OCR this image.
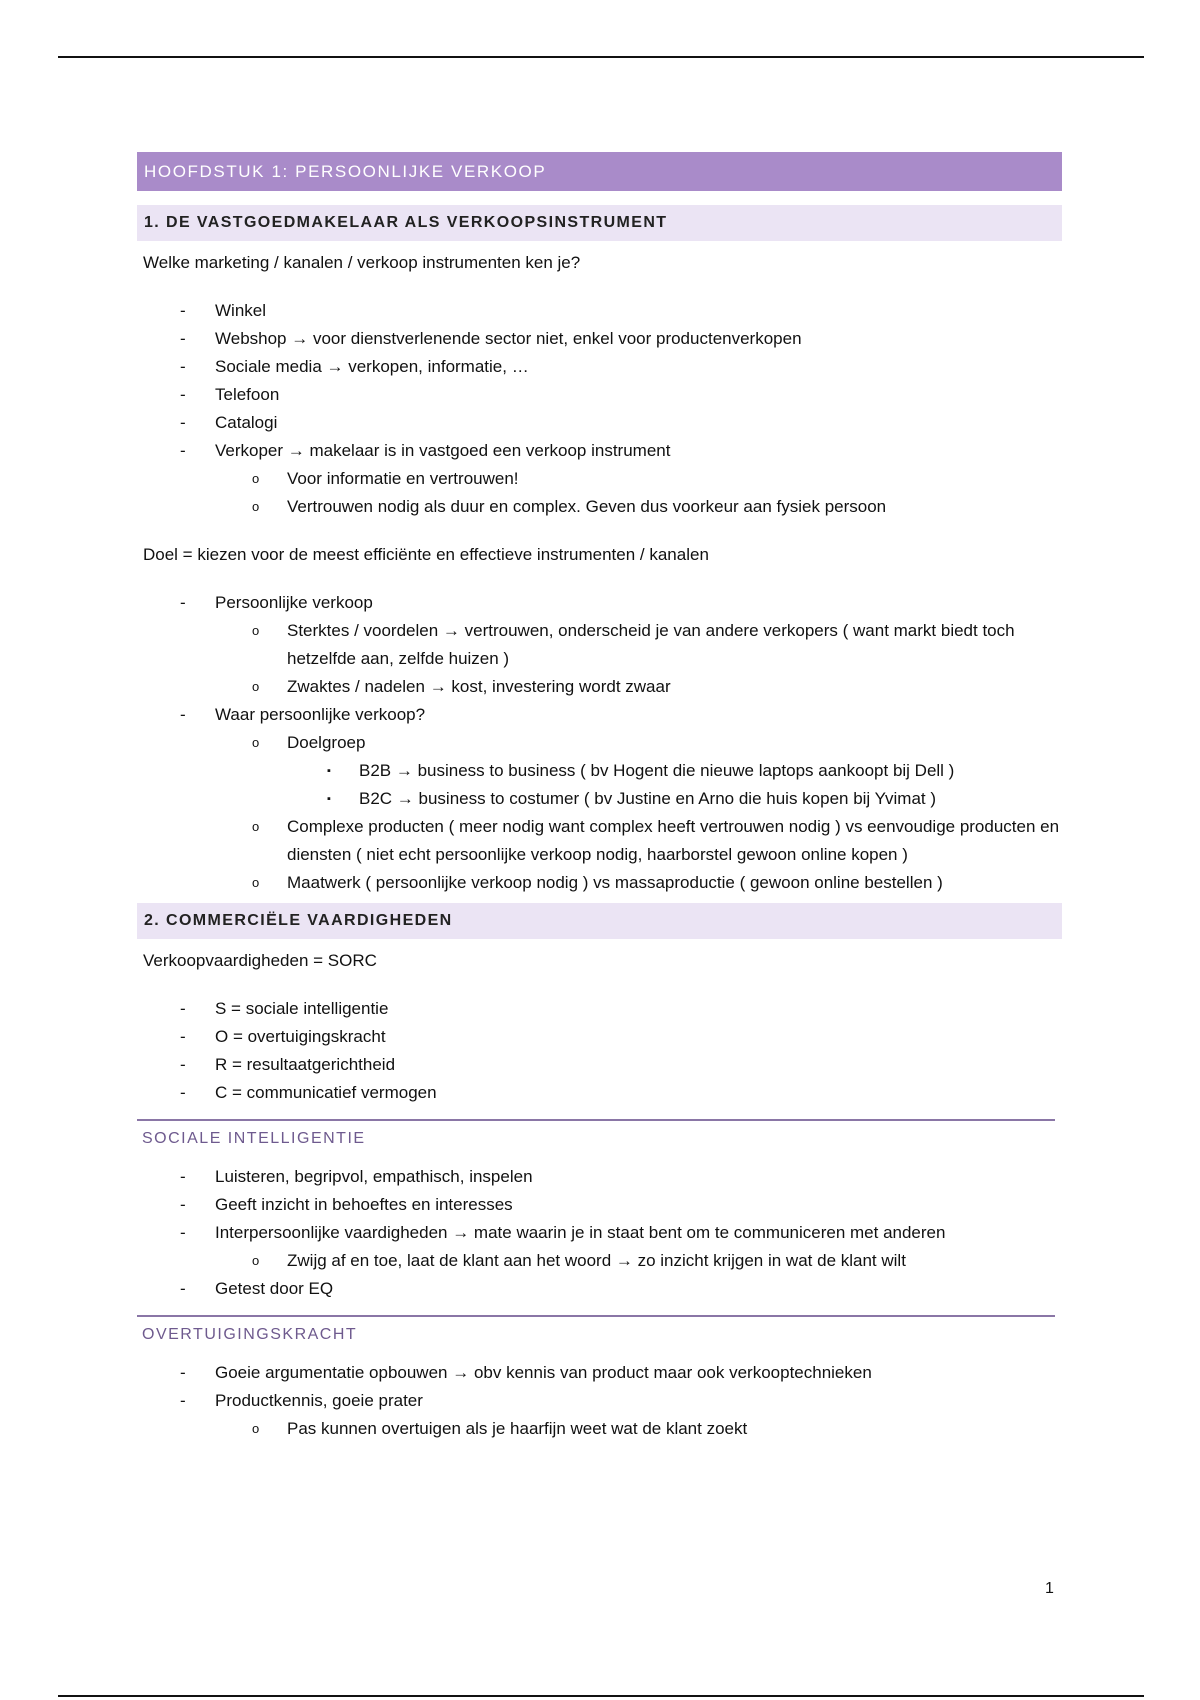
HOOFDSTUK 1: PERSOONLIJKE VERKOOP
1. DE VASTGOEDMAKELAAR ALS VERKOOPSINSTRUMENT

Welke marketing / kanalen / verkoop instrumenten ken je?

- Winkel
- Webshop → voor dienstverlenende sector niet, enkel voor productenverkopen
- Sociale media → verkopen, informatie, …
- Telefoon
- Catalogi
- Verkoper → makelaar is in vastgoed een verkoop instrument
o Voor informatie en vertrouwen!
o Vertrouwen nodig als duur en complex. Geven dus voorkeur aan fysiek persoon

Doel = kiezen voor de meest efficiënte en effectieve instrumenten / kanalen

- Persoonlijke verkoop
o Sterktes / voordelen → vertrouwen, onderscheid je van andere verkopers ( want markt biedt toch hetzelfde aan, zelfde huizen )
o Zwaktes / nadelen → kost, investering wordt zwaar
- Waar persoonlijke verkoop?
o Doelgroep
▪ B2B → business to business ( bv Hogent die nieuwe laptops aankoopt bij Dell )
▪ B2C → business to costumer ( bv Justine en Arno die huis kopen bij Yvimat )
o Complexe producten ( meer nodig want complex heeft vertrouwen nodig ) vs eenvoudige producten en diensten ( niet echt persoonlijke verkoop nodig, haarborstel gewoon online kopen )
o Maatwerk ( persoonlijke verkoop nodig ) vs massaproductie ( gewoon online bestellen )
2. COMMERCIËLE VAARDIGHEDEN

Verkoopvaardigheden = SORC

- S = sociale intelligentie
- O = overtuigingskracht
- R = resultaatgerichtheid
- C = communicatief vermogen
SOCIALE INTELLIGENTIE
- Luisteren, begripvol, empathisch, inspelen
- Geeft inzicht in behoeftes en interesses
- Interpersoonlijke vaardigheden → mate waarin je in staat bent om te communiceren met anderen
o Zwijg af en toe, laat de klant aan het woord → zo inzicht krijgen in wat de klant wilt
- Getest door EQ
OVERTUIGINGSKRACHT
- Goeie argumentatie opbouwen → obv kennis van product maar ook verkooptechnieken
- Productkennis, goeie prater
o Pas kunnen overtuigen als je haarfijn weet wat de klant zoekt
1
